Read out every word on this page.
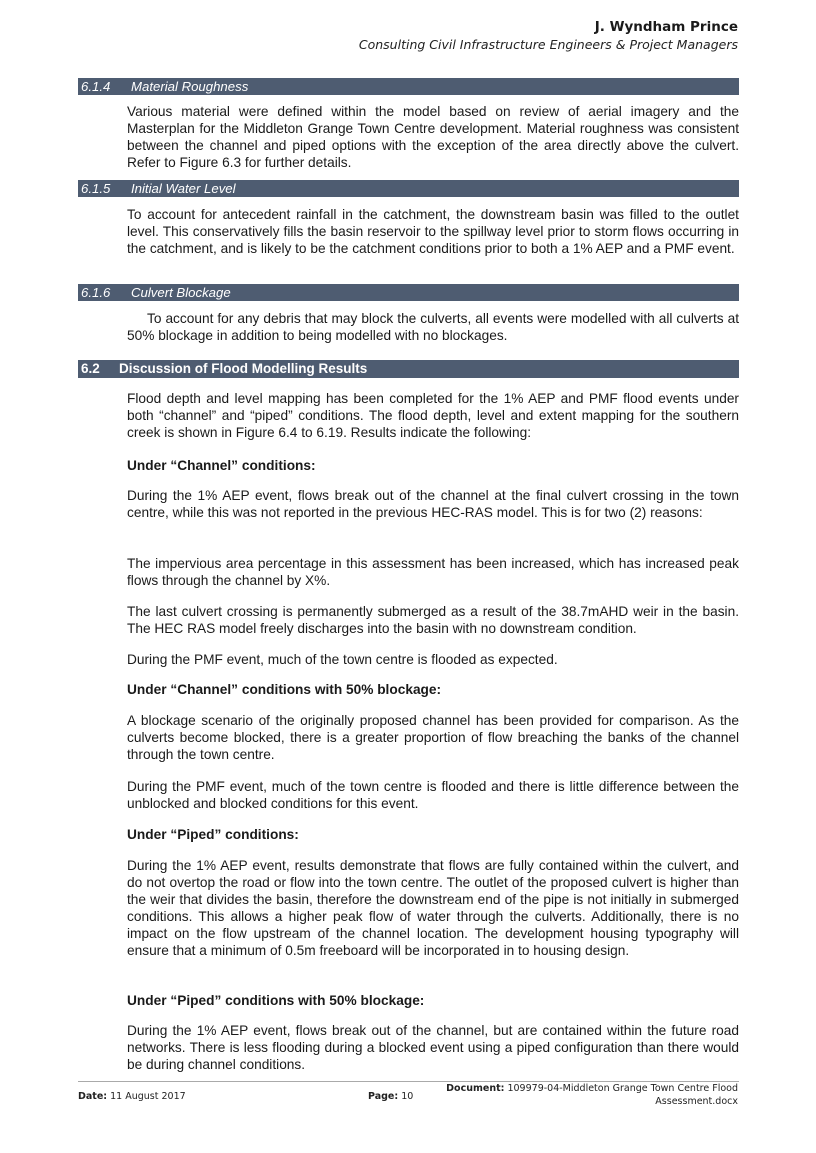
J. Wyndham Prince
Consulting Civil Infrastructure Engineers & Project Managers
6.1.4 Material Roughness

Various material were defined within the model based on review of aerial imagery and the Masterplan for the Middleton Grange Town Centre development. Material roughness was consistent between the channel and piped options with the exception of the area directly above the culvert. Refer to Figure 6.3 for further details.

6.1.5 Initial Water Level

To account for antecedent rainfall in the catchment, the downstream basin was filled to the outlet level. This conservatively fills the basin reservoir to the spillway level prior to storm flows occurring in the catchment, and is likely to be the catchment conditions prior to both a 1% AEP and a PMF event.

6.1.6 Culvert Blockage

To account for any debris that may block the culverts, all events were modelled with all culverts at 50% blockage in addition to being modelled with no blockages.

6.2 Discussion of Flood Modelling Results

Flood depth and level mapping has been completed for the 1% AEP and PMF flood events under both “channel” and “piped” conditions. The flood depth, level and extent mapping for the southern creek is shown in Figure 6.4 to 6.19. Results indicate the following:

Under “Channel” conditions:

During the 1% AEP event, flows break out of the channel at the final culvert crossing in the town centre, while this was not reported in the previous HEC-RAS model. This is for two (2) reasons:

The impervious area percentage in this assessment has been increased, which has increased peak flows through the channel by X%.

The last culvert crossing is permanently submerged as a result of the 38.7mAHD weir in the basin. The HEC RAS model freely discharges into the basin with no downstream condition.

During the PMF event, much of the town centre is flooded as expected.

Under “Channel” conditions with 50% blockage:

A blockage scenario of the originally proposed channel has been provided for comparison. As the culverts become blocked, there is a greater proportion of flow breaching the banks of the channel through the town centre.

During the PMF event, much of the town centre is flooded and there is little difference between the unblocked and blocked conditions for this event.

Under “Piped” conditions:

During the 1% AEP event, results demonstrate that flows are fully contained within the culvert, and do not overtop the road or flow into the town centre. The outlet of the proposed culvert is higher than the weir that divides the basin, therefore the downstream end of the pipe is not initially in submerged conditions. This allows a higher peak flow of water through the culverts. Additionally, there is no impact on the flow upstream of the channel location. The development housing typography will ensure that a minimum of 0.5m freeboard will be incorporated in to housing design.

Under “Piped” conditions with 50% blockage:

During the 1% AEP event, flows break out of the channel, but are contained within the future road networks. There is less flooding during a blocked event using a piped configuration than there would be during channel conditions.

Date: 11 August 2017	Page: 10
Document: 109979-04-Middleton Grange Town Centre Flood
Assessment.docx
